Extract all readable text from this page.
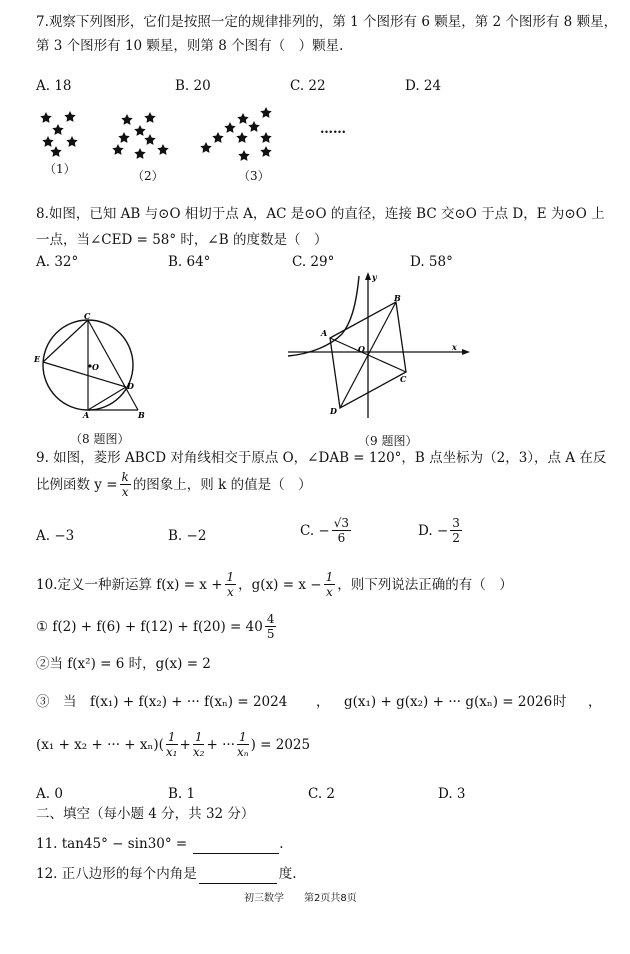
7.观察下列图形，它们是按照一定的规律排列的，第 1 个图形有 6 颗星，第 2 个图形有 8 颗星，
第 3 个图形有 10 颗星，则第 8 个图有（　）颗星.
A. 18	B. 20	C. 22	D. 24
（1）	（2）	（3）
……
8.如图，已知 AB 与⊙O 相切于点 A，AC 是⊙O 的直径，连接 BC 交⊙O 于点 D，E 为⊙O 上
一点，当∠CED = 58° 时，∠B 的度数是（　）
A. 32°	B. 64°	C. 29°	D. 58°
C
E
O
D
A	B
（8 题图）
y
B
A
O	x
C
D
（9 题图）
9. 如图，菱形 ABCD 对角线相交于原点 O，∠DAB = 120°，B 点坐标为（2，3），点 A 在反
比例函数 $y = \frac{k}{x}$ 的图象上，则 k 的值是（　）
A. −3	B. −2	C. − $\frac{√3}{6}$	D. − $\frac{3}{2}$
10.定义一种新运算 $f(x) = x + \frac{1}{x}$ ，$g(x) = x - \frac{1}{x}$ ，则下列说法正确的有（　）
① $f(2) + f(6) + f(12) + f(20) = 40 \frac{4}{5}$
②当 f(x²) = 6 时，g(x) = 2
③　当　f(x₁) + f(x₂) + ··· f(xₙ) = 2024 ， g(x₁) + g(x₂) + ··· g(xₙ) = 2026 时 ，
(x₁ + x₂ + ··· + $x_n)( \frac{1}{\text{x₁}} + \frac{1}{\text{x₂}}$ + ··· $\frac{1}{\text{xₙ}}$ ) = 2025
A. 0	B. 1	C. 2	D. 3
二、填空（每小题 4 分，共 32 分）
11. tan45° − sin30° =	.
12. 正八边形的每个内角是	度.
初三数学 第2页共8页
